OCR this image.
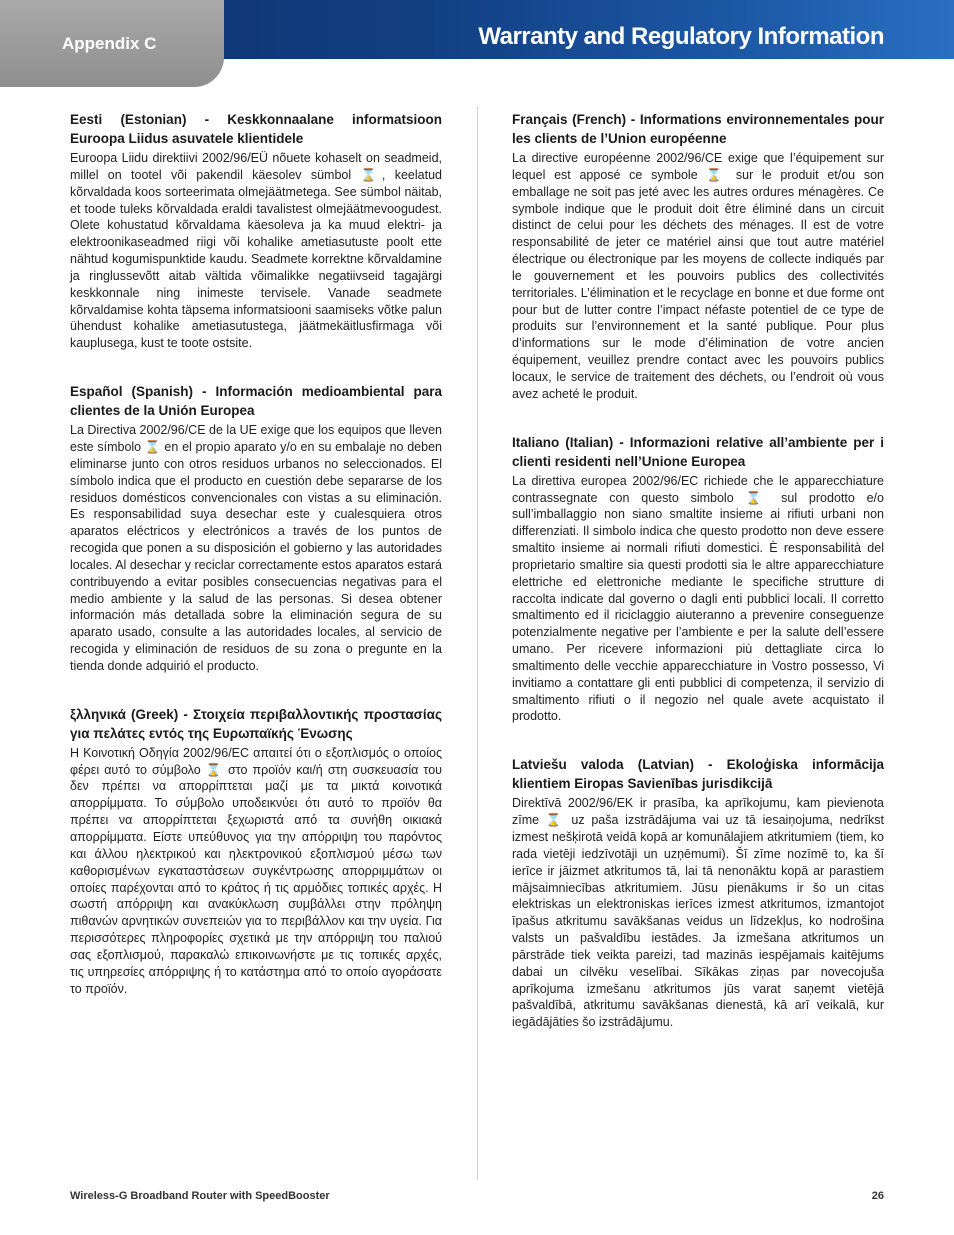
Appendix C	Warranty and Regulatory Information
Eesti (Estonian) - Keskkonnaalane informatsioon Euroopa Liidus asuvatele klientidele

Euroopa Liidu direktiivi 2002/96/EÜ nõuete kohaselt on seadmeid, millel on tootel või pakendil käesolev sümbol ⌛, keelatud kõrvaldada koos sorteerimata olmejäätmetega. See sümbol näitab, et toode tuleks kõrvaldada eraldi tavalistest olmejäätmevoogudest. Olete kohustatud kõrvaldama käesoleva ja ka muud elektri- ja elektroonikaseadmed riigi või kohalike ametiasutuste poolt ette nähtud kogumispunktide kaudu. Seadmete korrektne kõrvaldamine ja ringlussevõtt aitab vältida võimalikke negatiivseid tagajärgi keskkonnale ning inimeste tervisele. Vanade seadmete kõrvaldamise kohta täpsema informatsiooni saamiseks võtke palun ühendust kohalike ametiasutustega, jäätmekäitlusfirmaga või kauplusega, kust te toote ostsite.

Español (Spanish) - Información medioambiental para clientes de la Unión Europea

La Directiva 2002/96/CE de la UE exige que los equipos que lleven este símbolo ⌛ en el propio aparato y/o en su embalaje no deben eliminarse junto con otros residuos urbanos no seleccionados. El símbolo indica que el producto en cuestión debe separarse de los residuos domésticos convencionales con vistas a su eliminación. Es responsabilidad suya desechar este y cualesquiera otros aparatos eléctricos y electrónicos a través de los puntos de recogida que ponen a su disposición el gobierno y las autoridades locales. Al desechar y reciclar correctamente estos aparatos estará contribuyendo a evitar posibles consecuencias negativas para el medio ambiente y la salud de las personas. Si desea obtener información más detallada sobre la eliminación segura de su aparato usado, consulte a las autoridades locales, al servicio de recogida y eliminación de residuos de su zona o pregunte en la tienda donde adquirió el producto.

ξλληνικά (Greek) - Στοιχεία περιβαλλοντικής προστασίας για πελάτες εντός της Ευρωπαϊκής Ένωσης

Η Κοινοτική Οδηγία 2002/96/EC απαιτεί ότι ο εξοπλισμός ο οποίος φέρει αυτό το σύμβολο ⌛ στο προϊόν και/ή στη συσκευασία του δεν πρέπει να απορρίπτεται μαζί με τα μικτά κοινοτικά απορρίμματα. Το σύμβολο υποδεικνύει ότι αυτό το προϊόν θα πρέπει να απορρίπτεται ξεχωριστά από τα συνήθη οικιακά απορρίμματα. Είστε υπεύθυνος για την απόρριψη του παρόντος και άλλου ηλεκτρικού και ηλεκτρονικού εξοπλισμού μέσω των καθορισμένων εγκαταστάσεων συγκέντρωσης απορριμμάτων οι οποίες παρέχονται από το κράτος ή τις αρμόδιες τοπικές αρχές. Η σωστή απόρριψη και ανακύκλωση συμβάλλει στην πρόληψη πιθανών αρνητικών συνεπειών για το περιβάλλον και την υγεία. Για περισσότερες πληροφορίες σχετικά με την απόρριψη του παλιού σας εξοπλισμού, παρακαλώ επικοινωνήστε με τις τοπικές αρχές, τις υπηρεσίες απόρριψης ή το κατάστημα από το οποίο αγοράσατε το προϊόν.

Français (French) - Informations environnementales pour les clients de l’Union européenne

La directive européenne 2002/96/CE exige que l’équipement sur lequel est apposé ce symbole ⌛ sur le produit et/ou son emballage ne soit pas jeté avec les autres ordures ménagères. Ce symbole indique que le produit doit être éliminé dans un circuit distinct de celui pour les déchets des ménages. Il est de votre responsabilité de jeter ce matériel ainsi que tout autre matériel électrique ou électronique par les moyens de collecte indiqués par le gouvernement et les pouvoirs publics des collectivités territoriales. L’élimination et le recyclage en bonne et due forme ont pour but de lutter contre l’impact néfaste potentiel de ce type de produits sur l’environnement et la santé publique. Pour plus d’informations sur le mode d’élimination de votre ancien équipement, veuillez prendre contact avec les pouvoirs publics locaux, le service de traitement des déchets, ou l’endroit où vous avez acheté le produit.

Italiano (Italian) - Informazioni relative all’ambiente per i clienti residenti nell’Unione Europea

La direttiva europea 2002/96/EC richiede che le apparecchiature contrassegnate con questo simbolo ⌛ sul prodotto e/o sull’imballaggio non siano smaltite insieme ai rifiuti urbani non differenziati. Il simbolo indica che questo prodotto non deve essere smaltito insieme ai normali rifiuti domestici. È responsabilità del proprietario smaltire sia questi prodotti sia le altre apparecchiature elettriche ed elettroniche mediante le specifiche strutture di raccolta indicate dal governo o dagli enti pubblici locali. Il corretto smaltimento ed il riciclaggio aiuteranno a prevenire conseguenze potenzialmente negative per l’ambiente e per la salute dell’essere umano. Per ricevere informazioni più dettagliate circa lo smaltimento delle vecchie apparecchiature in Vostro possesso, Vi invitiamo a contattare gli enti pubblici di competenza, il servizio di smaltimento rifiuti o il negozio nel quale avete acquistato il prodotto.

Latviešu valoda (Latvian) - Ekoloģiska informācija klientiem Eiropas Savienības jurisdikcijā

Direktīvā 2002/96/EK ir prasība, ka aprīkojumu, kam pievienota zīme ⌛ uz paša izstrādājuma vai uz tā iesaiņojuma, nedrīkst izmest nešķirotā veidā kopā ar komunālajiem atkritumiem (tiem, ko rada vietēji iedzīvotāji un uzņēmumi). Šī zīme nozīmē to, ka šī ierīce ir jāizmet atkritumos tā, lai tā nenonāktu kopā ar parastiem mājsaimniecības atkritumiem. Jūsu pienākums ir šo un citas elektriskas un elektroniskas ierīces izmest atkritumos, izmantojot īpašus atkritumu savākšanas veidus un līdzekļus, ko nodrošina valsts un pašvaldību iestādes. Ja izmešana atkritumos un pārstrāde tiek veikta pareizi, tad mazinās iespējamais kaitējums dabai un cilvēku veselībai. Sīkākas ziņas par novecojuša aprīkojuma izmešanu atkritumos jūs varat saņemt vietējā pašvaldībā, atkritumu savākšanas dienestā, kā arī veikalā, kur iegādājāties šo izstrādājumu.

Wireless-G Broadband Router with SpeedBooster	26
